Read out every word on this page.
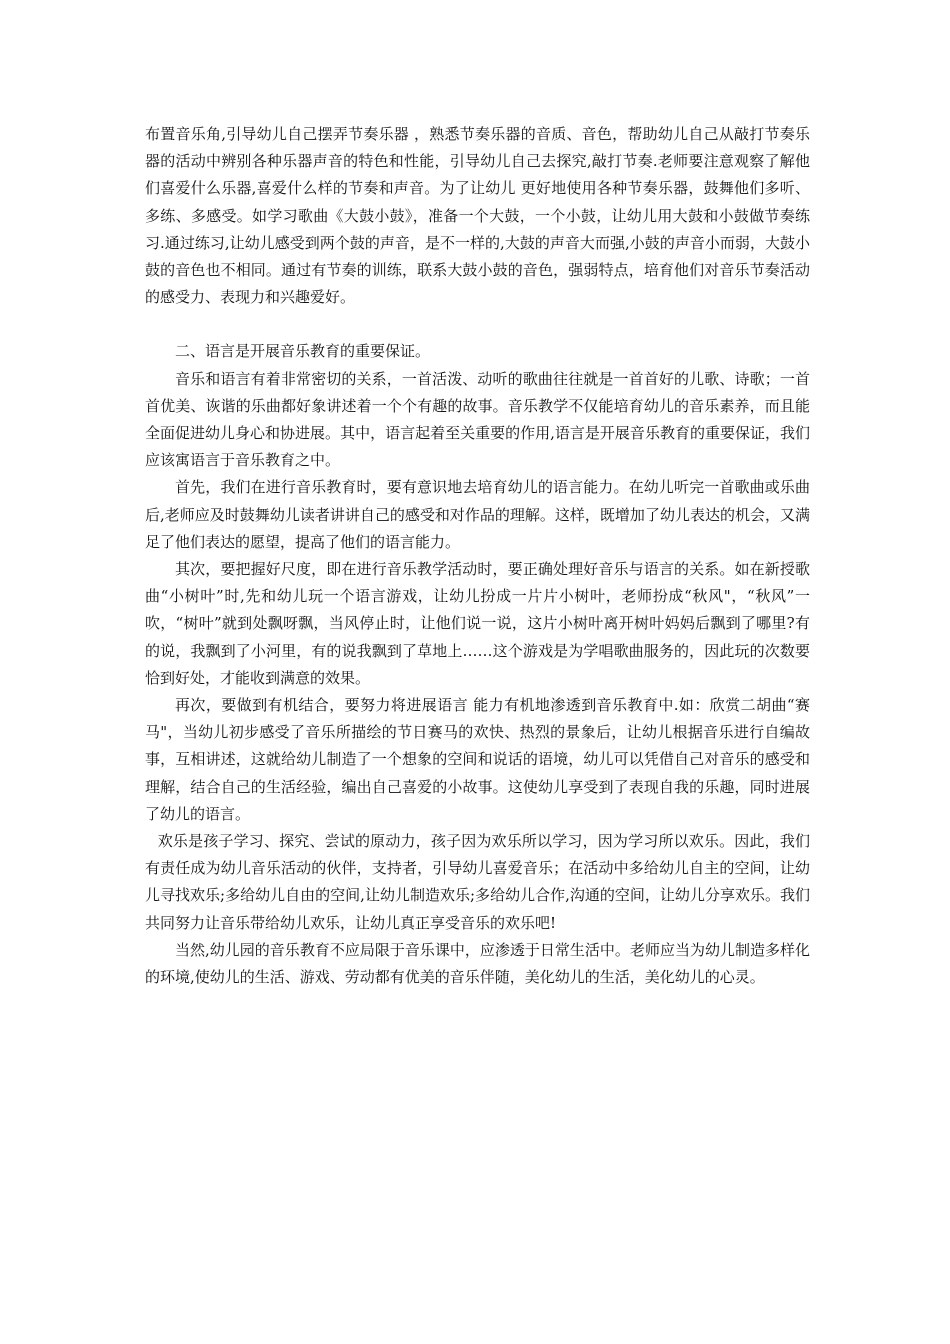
布置音乐角,引导幼儿自己摆弄节奏乐器 ，熟悉节奏乐器的音质、音色，帮助幼儿自己从敲打节奏乐器的活动中辨别各种乐器声音的特色和性能，引导幼儿自己去探究,敲打节奏.老师要注意观察了解他们喜爱什么乐器,喜爱什么样的节奏和声音。为了让幼儿 更好地使用各种节奏乐器，鼓舞他们多听、多练、多感受。如学习歌曲《大鼓小鼓》，准备一个大鼓，一个小鼓，让幼儿用大鼓和小鼓做节奏练习.通过练习,让幼儿感受到两个鼓的声音，是不一样的,大鼓的声音大而强,小鼓的声音小而弱，大鼓小鼓的音色也不相同。通过有节奏的训练，联系大鼓小鼓的音色，强弱特点，培育他们对音乐节奏活动的感受力、表现力和兴趣爱好。

二、语言是开展音乐教育的重要保证。

音乐和语言有着非常密切的关系，一首活泼、动听的歌曲往往就是一首首好的儿歌、诗歌；一首首优美、诙谐的乐曲都好象讲述着一个个有趣的故事。音乐教学不仅能培育幼儿的音乐素养，而且能全面促进幼儿身心和协进展。其中，语言起着至关重要的作用,语言是开展音乐教育的重要保证，我们应该寓语言于音乐教育之中。

首先，我们在进行音乐教育时，要有意识地去培育幼儿的语言能力。在幼儿听完一首歌曲或乐曲后,老师应及时鼓舞幼儿读者讲讲自己的感受和对作品的理解。这样，既增加了幼儿表达的机会，又满足了他们表达的愿望，提高了他们的语言能力。

其次，要把握好尺度，即在进行音乐教学活动时，要正确处理好音乐与语言的关系。如在新授歌曲“小树叶”时,先和幼儿玩一个语言游戏，让幼儿扮成一片片小树叶，老师扮成“秋风"，“秋风”一吹，“树叶”就到处飘呀飘，当风停止时，让他们说一说，这片小树叶离开树叶妈妈后飘到了哪里?有的说，我飘到了小河里，有的说我飘到了草地上……这个游戏是为学唱歌曲服务的，因此玩的次数要恰到好处，才能收到满意的效果。

再次，要做到有机结合，要努力将进展语言 能力有机地渗透到音乐教育中.如：欣赏二胡曲“赛马"，当幼儿初步感受了音乐所描绘的节日赛马的欢快、热烈的景象后，让幼儿根据音乐进行自编故事，互相讲述，这就给幼儿制造了一个想象的空间和说话的语境，幼儿可以凭借自己对音乐的感受和理解，结合自己的生活经验，编出自己喜爱的小故事。这使幼儿享受到了表现自我的乐趣，同时进展了幼儿的语言。

欢乐是孩子学习、探究、尝试的原动力，孩子因为欢乐所以学习，因为学习所以欢乐。因此，我们有责任成为幼儿音乐活动的伙伴，支持者，引导幼儿喜爱音乐；在活动中多给幼儿自主的空间，让幼儿寻找欢乐;多给幼儿自由的空间,让幼儿制造欢乐;多给幼儿合作,沟通的空间，让幼儿分享欢乐。我们共同努力让音乐带给幼儿欢乐，让幼儿真正享受音乐的欢乐吧!

当然,幼儿园的音乐教育不应局限于音乐课中，应渗透于日常生活中。老师应当为幼儿制造多样化的环境,使幼儿的生活、游戏、劳动都有优美的音乐伴随，美化幼儿的生活，美化幼儿的心灵。
